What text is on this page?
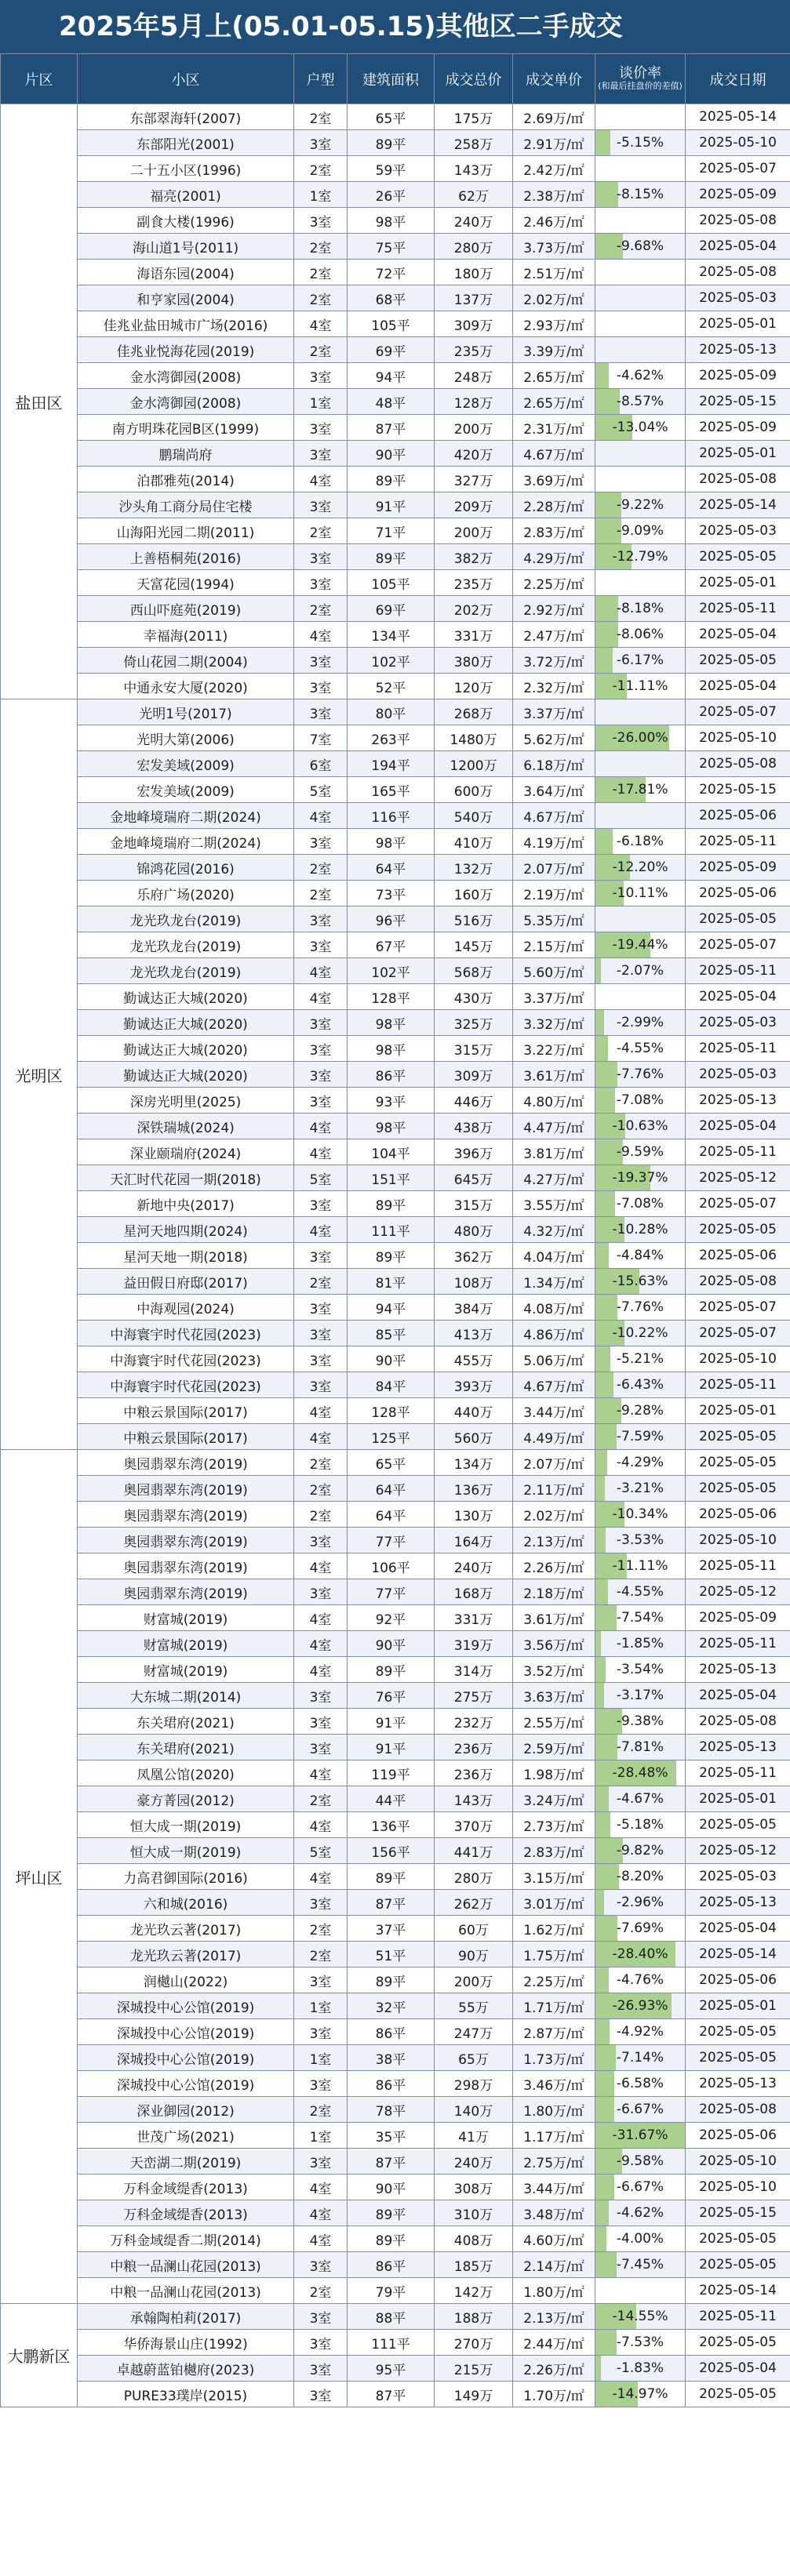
2025年5月上(05.01-05.15)其他区二手成交
片区	小区	户型	建筑面积	成交总价	成交单价	谈价率
(和最后挂盘价的差值)	成交日期
盐田区	东部翠海轩(2007)	2室	65平	175万	2.69万/㎡		2025-05-14
	东部阳光(2001)	3室	89平	258万	2.91万/㎡	-5.15%	2025-05-10
	二十五小区(1996)	2室	59平	143万	2.42万/㎡		2025-05-07
	福亮(2001)	1室	26平	62万	2.38万/㎡	-8.15%	2025-05-09
	副食大楼(1996)	3室	98平	240万	2.46万/㎡		2025-05-08
	海山道1号(2011)	2室	75平	280万	3.73万/㎡	-9.68%	2025-05-04
	海语东园(2004)	2室	72平	180万	2.51万/㎡		2025-05-08
	和亨家园(2004)	2室	68平	137万	2.02万/㎡		2025-05-03
	佳兆业盐田城市广场(2016)	4室	105平	309万	2.93万/㎡		2025-05-01
	佳兆业悦海花园(2019)	2室	69平	235万	3.39万/㎡		2025-05-13
	金水湾御园(2008)	3室	94平	248万	2.65万/㎡	-4.62%	2025-05-09
	金水湾御园(2008)	1室	48平	128万	2.65万/㎡	-8.57%	2025-05-15
	南方明珠花园B区(1999)	3室	87平	200万	2.31万/㎡	-13.04%	2025-05-09
	鹏瑞尚府	3室	90平	420万	4.67万/㎡		2025-05-01
	泊郡雅苑(2014)	4室	89平	327万	3.69万/㎡		2025-05-08
	沙头角工商分局住宅楼	3室	91平	209万	2.28万/㎡	-9.22%	2025-05-14
	山海阳光园二期(2011)	2室	71平	200万	2.83万/㎡	-9.09%	2025-05-03
	上善梧桐苑(2016)	3室	89平	382万	4.29万/㎡	-12.79%	2025-05-05
	天富花园(1994)	3室	105平	235万	2.25万/㎡		2025-05-01
	西山吓庭苑(2019)	2室	69平	202万	2.92万/㎡	-8.18%	2025-05-11
	幸福海(2011)	4室	134平	331万	2.47万/㎡	-8.06%	2025-05-04
	倚山花园二期(2004)	3室	102平	380万	3.72万/㎡	-6.17%	2025-05-05
	中通永安大厦(2020)	3室	52平	120万	2.32万/㎡	-11.11%	2025-05-04
光明区	光明1号(2017)	3室	80平	268万	3.37万/㎡		2025-05-07
	光明大第(2006)	7室	263平	1480万	5.62万/㎡	-26.00%	2025-05-10
	宏发美域(2009)	6室	194平	1200万	6.18万/㎡		2025-05-08
	宏发美域(2009)	5室	165平	600万	3.64万/㎡	-17.81%	2025-05-15
	金地峰境瑞府二期(2024)	4室	116平	540万	4.67万/㎡		2025-05-06
	金地峰境瑞府二期(2024)	3室	98平	410万	4.19万/㎡	-6.18%	2025-05-11
	锦鸿花园(2016)	2室	64平	132万	2.07万/㎡	-12.20%	2025-05-09
	乐府广场(2020)	2室	73平	160万	2.19万/㎡	-10.11%	2025-05-06
	龙光玖龙台(2019)	3室	96平	516万	5.35万/㎡		2025-05-05
	龙光玖龙台(2019)	3室	67平	145万	2.15万/㎡	-19.44%	2025-05-07
	龙光玖龙台(2019)	4室	102平	568万	5.60万/㎡	-2.07%	2025-05-11
	勤诚达正大城(2020)	4室	128平	430万	3.37万/㎡		2025-05-04
	勤诚达正大城(2020)	3室	98平	325万	3.32万/㎡	-2.99%	2025-05-03
	勤诚达正大城(2020)	3室	98平	315万	3.22万/㎡	-4.55%	2025-05-11
	勤诚达正大城(2020)	3室	86平	309万	3.61万/㎡	-7.76%	2025-05-03
	深房光明里(2025)	3室	93平	446万	4.80万/㎡	-7.08%	2025-05-13
	深铁瑞城(2024)	4室	98平	438万	4.47万/㎡	-10.63%	2025-05-04
	深业颐瑞府(2024)	4室	104平	396万	3.81万/㎡	-9.59%	2025-05-11
	天汇时代花园一期(2018)	5室	151平	645万	4.27万/㎡	-19.37%	2025-05-12
	新地中央(2017)	3室	89平	315万	3.55万/㎡	-7.08%	2025-05-07
	星河天地四期(2024)	4室	111平	480万	4.32万/㎡	-10.28%	2025-05-05
	星河天地一期(2018)	3室	89平	362万	4.04万/㎡	-4.84%	2025-05-06
	益田假日府邸(2017)	2室	81平	108万	1.34万/㎡	-15.63%	2025-05-08
	中海观园(2024)	3室	94平	384万	4.08万/㎡	-7.76%	2025-05-07
	中海寰宇时代花园(2023)	3室	85平	413万	4.86万/㎡	-10.22%	2025-05-07
	中海寰宇时代花园(2023)	3室	90平	455万	5.06万/㎡	-5.21%	2025-05-10
	中海寰宇时代花园(2023)	3室	84平	393万	4.67万/㎡	-6.43%	2025-05-11
	中粮云景国际(2017)	4室	128平	440万	3.44万/㎡	-9.28%	2025-05-01
	中粮云景国际(2017)	4室	125平	560万	4.49万/㎡	-7.59%	2025-05-05
坪山区	奥园翡翠东湾(2019)	2室	65平	134万	2.07万/㎡	-4.29%	2025-05-05
	奥园翡翠东湾(2019)	2室	64平	136万	2.11万/㎡	-3.21%	2025-05-05
	奥园翡翠东湾(2019)	2室	64平	130万	2.02万/㎡	-10.34%	2025-05-06
	奥园翡翠东湾(2019)	3室	77平	164万	2.13万/㎡	-3.53%	2025-05-10
	奥园翡翠东湾(2019)	4室	106平	240万	2.26万/㎡	-11.11%	2025-05-11
	奥园翡翠东湾(2019)	3室	77平	168万	2.18万/㎡	-4.55%	2025-05-12
	财富城(2019)	4室	92平	331万	3.61万/㎡	-7.54%	2025-05-09
	财富城(2019)	4室	90平	319万	3.56万/㎡	-1.85%	2025-05-11
	财富城(2019)	4室	89平	314万	3.52万/㎡	-3.54%	2025-05-13
	大东城二期(2014)	3室	76平	275万	3.63万/㎡	-3.17%	2025-05-04
	东关珺府(2021)	3室	91平	232万	2.55万/㎡	-9.38%	2025-05-08
	东关珺府(2021)	3室	91平	236万	2.59万/㎡	-7.81%	2025-05-13
	凤凰公馆(2020)	4室	119平	236万	1.98万/㎡	-28.48%	2025-05-11
	豪方菁园(2012)	2室	44平	143万	3.24万/㎡	-4.67%	2025-05-01
	恒大成一期(2019)	4室	136平	370万	2.73万/㎡	-5.18%	2025-05-05
	恒大成一期(2019)	5室	156平	441万	2.83万/㎡	-9.82%	2025-05-12
	力高君御国际(2016)	4室	89平	280万	3.15万/㎡	-8.20%	2025-05-03
	六和城(2016)	3室	87平	262万	3.01万/㎡	-2.96%	2025-05-13
	龙光玖云著(2017)	2室	37平	60万	1.62万/㎡	-7.69%	2025-05-04
	龙光玖云著(2017)	2室	51平	90万	1.75万/㎡	-28.40%	2025-05-14
	润樾山(2022)	3室	89平	200万	2.25万/㎡	-4.76%	2025-05-06
	深城投中心公馆(2019)	1室	32平	55万	1.71万/㎡	-26.93%	2025-05-01
	深城投中心公馆(2019)	3室	86平	247万	2.87万/㎡	-4.92%	2025-05-05
	深城投中心公馆(2019)	1室	38平	65万	1.73万/㎡	-7.14%	2025-05-05
	深城投中心公馆(2019)	3室	86平	298万	3.46万/㎡	-6.58%	2025-05-13
	深业御园(2012)	2室	78平	140万	1.80万/㎡	-6.67%	2025-05-08
	世茂广场(2021)	1室	35平	41万	1.17万/㎡	-31.67%	2025-05-06
	天峦湖二期(2019)	3室	87平	240万	2.75万/㎡	-9.58%	2025-05-10
	万科金域缇香(2013)	4室	90平	308万	3.44万/㎡	-6.67%	2025-05-10
	万科金域缇香(2013)	4室	89平	310万	3.48万/㎡	-4.62%	2025-05-15
	万科金域缇香二期(2014)	4室	89平	408万	4.60万/㎡	-4.00%	2025-05-05
	中粮一品澜山花园(2013)	3室	86平	185万	2.14万/㎡	-7.45%	2025-05-05
	中粮一品澜山花园(2013)	2室	79平	142万	1.80万/㎡		2025-05-14
大鹏新区	承翰陶柏莉(2017)	3室	88平	188万	2.13万/㎡	-14.55%	2025-05-11
	华侨海景山庄(1992)	3室	111平	270万	2.44万/㎡	-7.53%	2025-05-05
	卓越蔚蓝铂樾府(2023)	3室	95平	215万	2.26万/㎡	-1.83%	2025-05-04
	PURE33璞岸(2015)	3室	87平	149万	1.70万/㎡	-14.97%	2025-05-05
